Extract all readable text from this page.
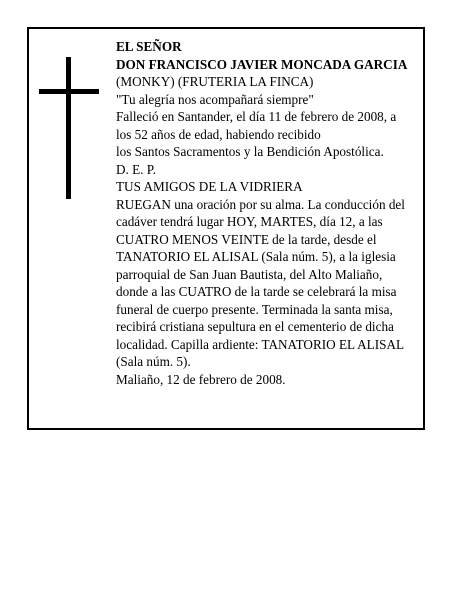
EL SEÑOR
DON FRANCISCO JAVIER MONCADA GARCIA
(MONKY) (FRUTERIA LA FINCA)
"Tu alegría nos acompañará siempre"
Falleció en Santander, el día 11 de febrero de 2008, a
los 52 años de edad, habiendo recibido
los Santos Sacramentos y la Bendición Apostólica.
D. E. P.
TUS AMIGOS DE LA VIDRIERA
RUEGAN una oración por su alma. La conducción del
cadáver tendrá lugar HOY, MARTES, día 12, a las
CUATRO MENOS VEINTE de la tarde, desde el
TANATORIO EL ALISAL (Sala núm. 5), a la iglesia
parroquial de San Juan Bautista, del Alto Maliaño,
donde a las CUATRO de la tarde se celebrará la misa
funeral de cuerpo presente. Terminada la santa misa,
recibirá cristiana sepultura en el cementerio de dicha
localidad. Capilla ardiente: TANATORIO EL ALISAL
(Sala núm. 5).
Maliaño, 12 de febrero de 2008.
